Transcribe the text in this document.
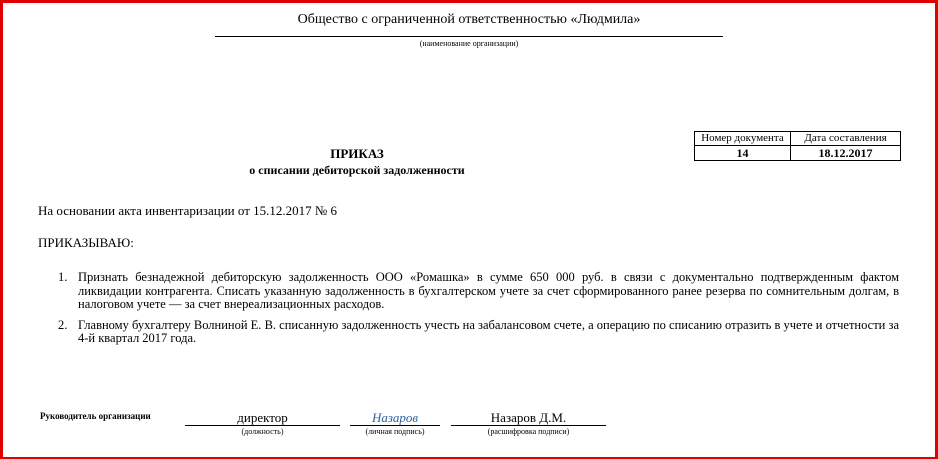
Общество с ограниченной ответственностью «Людмила»
(наименование организации)
Номер документа	Дата составления
14	18.12.2017
ПРИКАЗ
о списании дебиторской задолженности
На основании акта инвентаризации от 15.12.2017 № 6
ПРИКАЗЫВАЮ:
1. Признать безнадежной дебиторскую задолженность ООО «Ромашка» в сумме 650 000 руб. в связи с документально подтвержденным фактом ликвидации контрагента. Списать указанную задолженность в бухгалтерском учете за счет сформированного ранее резерва по сомнительным долгам, в налоговом учете — за счет внереализационных расходов.
2. Главному бухгалтеру Волниной Е. В. списанную задолженность учесть на забалансовом счете, а операцию по списанию отразить в учете и отчетности за 4-й квартал 2017 года.
Руководитель организации	директор
(должность)
Назаров
(личная подпись)
Назаров Д.М.
(расшифровка подписи)
